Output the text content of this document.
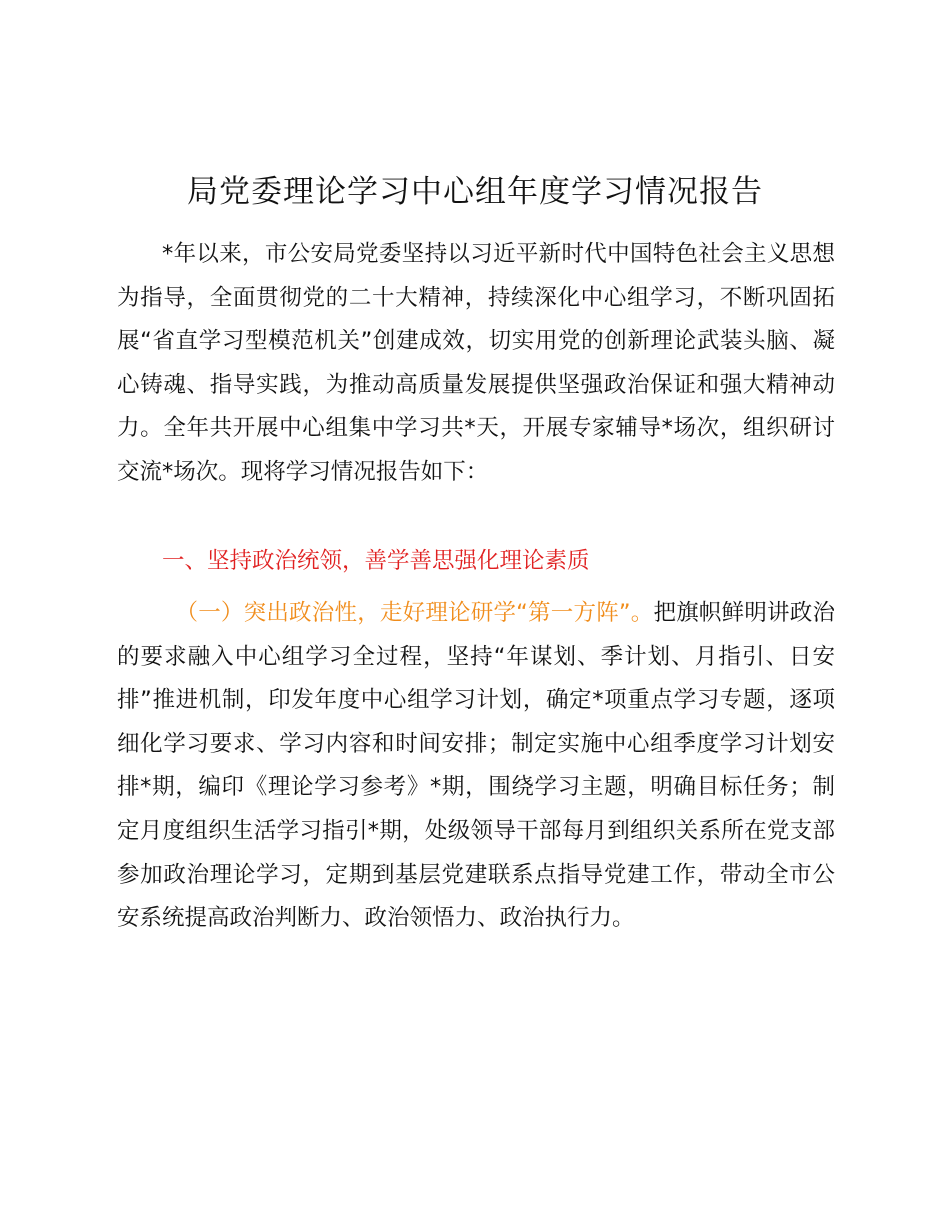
局党委理论学习中心组年度学习情况报告

*年以来，市公安局党委坚持以习近平新时代中国特色社会主义思想为指导，全面贯彻党的二十大精神，持续深化中心组学习，不断巩固拓展“省直学习型模范机关”创建成效，切实用党的创新理论武装头脑、凝心铸魂、指导实践，为推动高质量发展提供坚强政治保证和强大精神动力。全年共开展中心组集中学习共*天，开展专家辅导*场次，组织研讨交流*场次。现将学习情况报告如下：

一、坚持政治统领，善学善思强化理论素质

（一）突出政治性，走好理论研学“第一方阵”。把旗帜鲜明讲政治的要求融入中心组学习全过程，坚持“年谋划、季计划、月指引、日安排”推进机制，印发年度中心组学习计划，确定*项重点学习专题，逐项细化学习要求、学习内容和时间安排；制定实施中心组季度学习计划安排*期，编印《理论学习参考》*期，围绕学习主题，明确目标任务；制定月度组织生活学习指引*期，处级领导干部每月到组织关系所在党支部参加政治理论学习，定期到基层党建联系点指导党建工作，带动全市公安系统提高政治判断力、政治领悟力、政治执行力。
